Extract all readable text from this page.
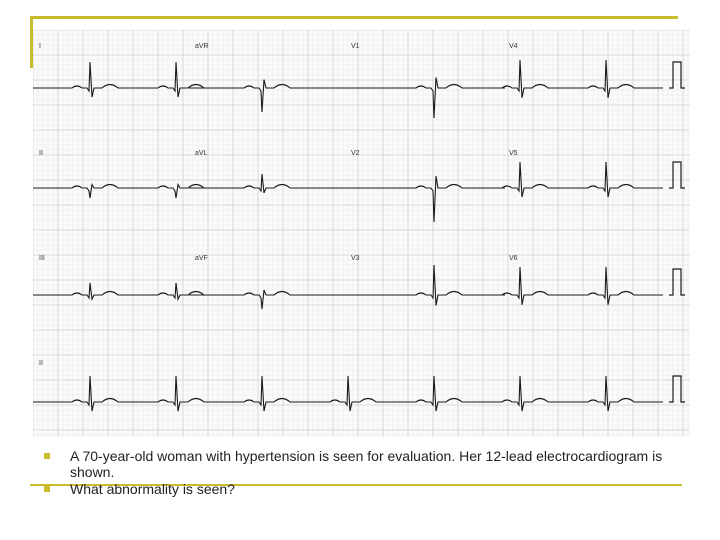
I	aVR	V1	V4
II	aVL	V2	V5
III	aVF	V3	V6
II
A 70-year-old woman with hypertension is seen for evaluation. Her 12-lead electrocardiogram is shown.
What abnormality is seen?
